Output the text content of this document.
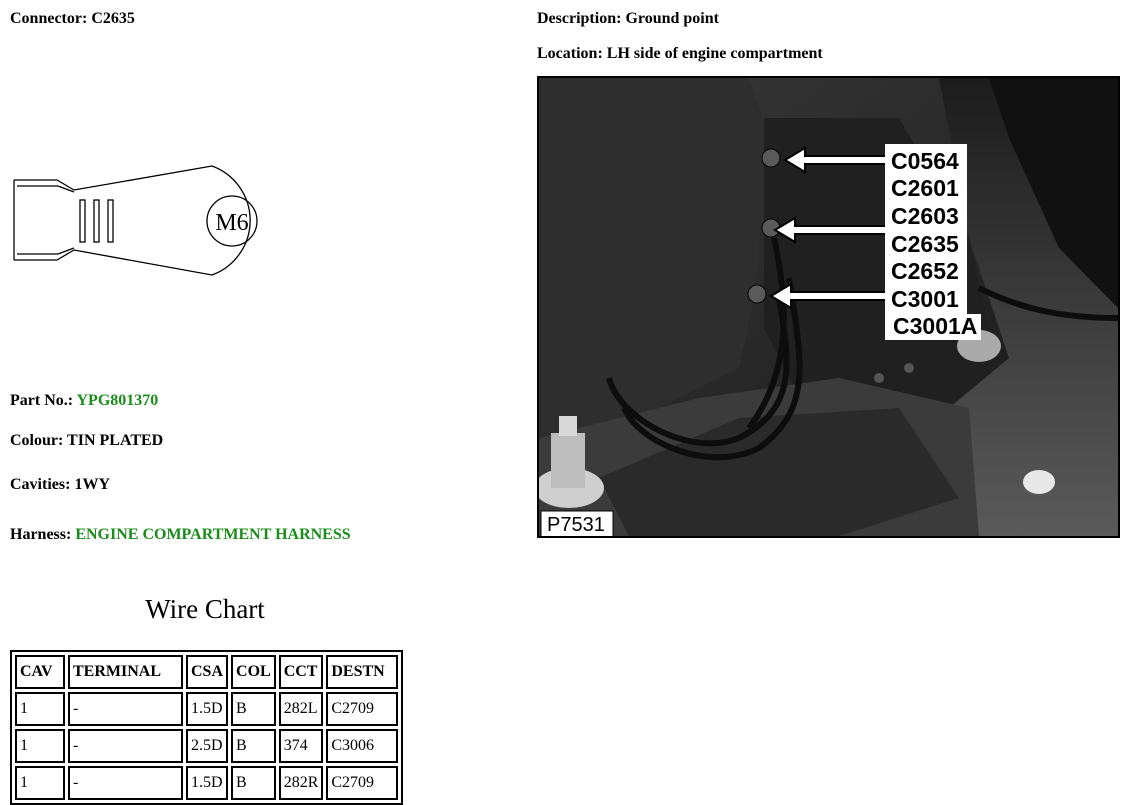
Connector: C2635	Description: Ground point
Location: LH side of engine compartment
M6
Part No.: YPG801370
Colour: TIN PLATED
Cavities: 1WY
Harness: ENGINE COMPARTMENT HARNESS
Wire Chart
CAV	TERMINAL	CSA	COL	CCT	DESTN
1	-	1.5D	B	282L	C2709
1	-	2.5D	B	374	C3006
1	-	1.5D	B	282R	C2709
C0564
C2601
C2603
C2635
C2652
C3001
C3001A
P7531
